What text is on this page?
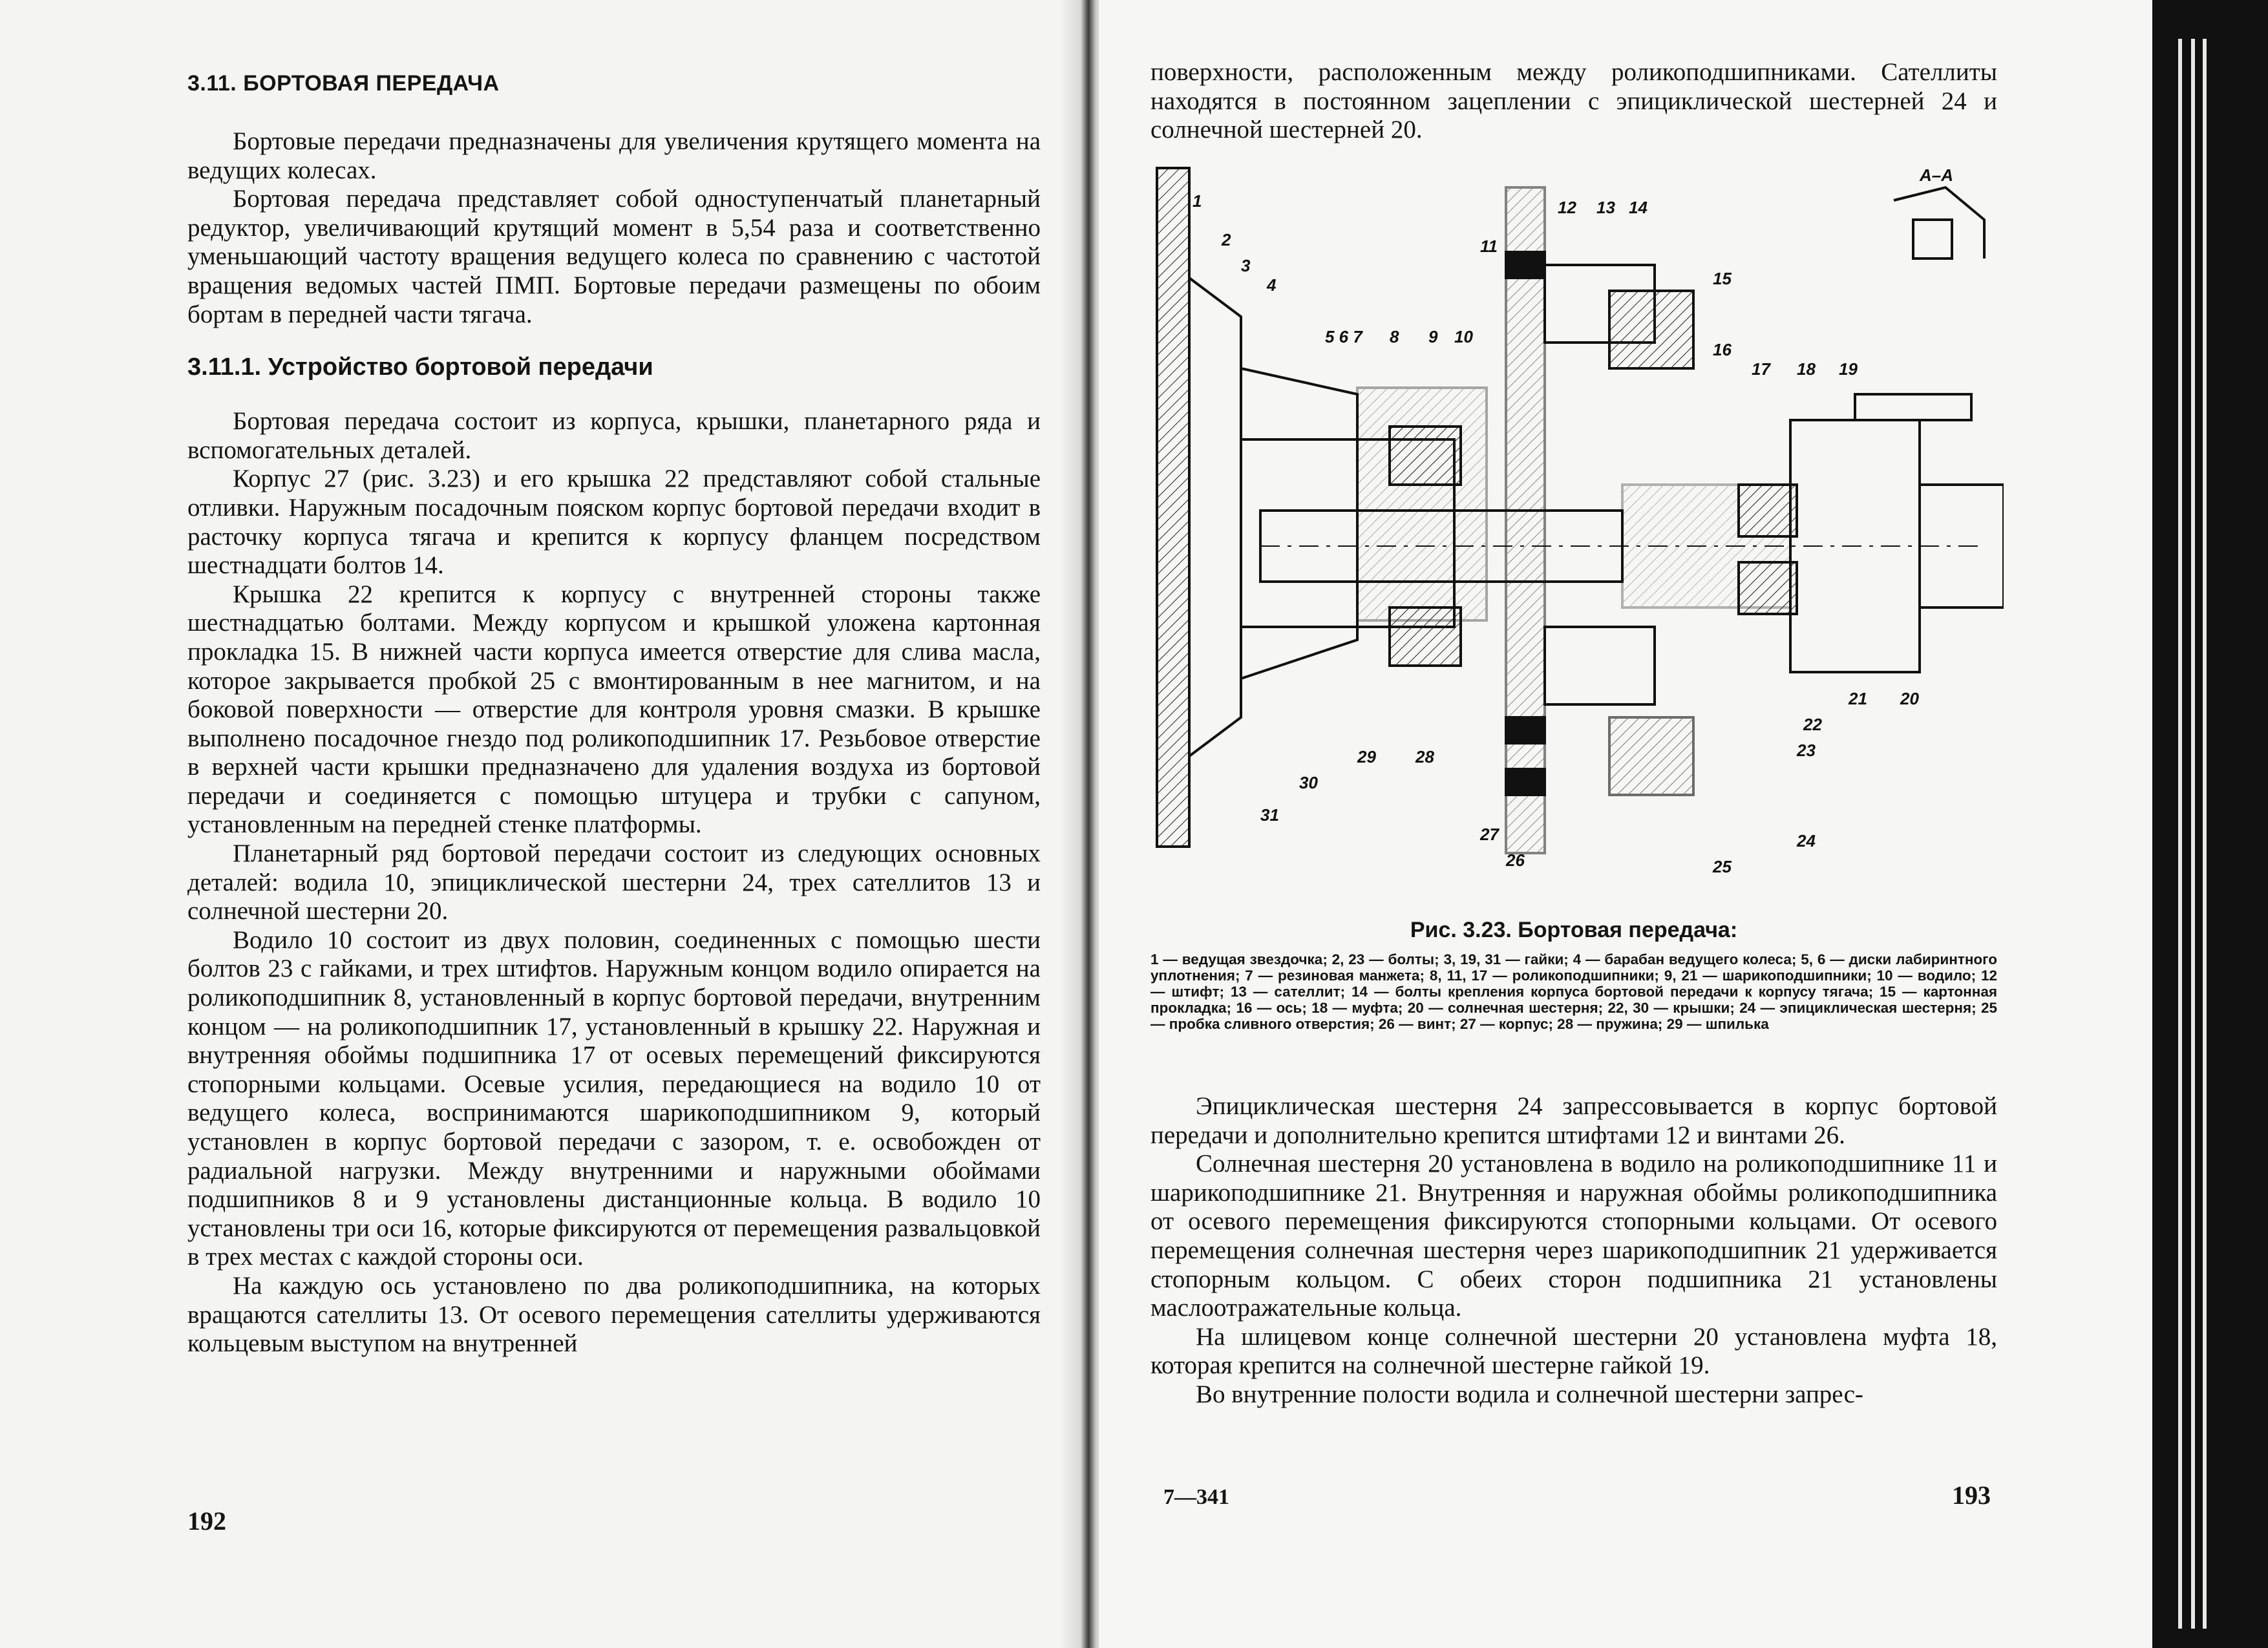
3.11. БОРТОВАЯ ПЕРЕДАЧА

Бортовые передачи предназначены для увеличения крутящего момента на ведущих колесах.

Бортовая передача представляет собой одноступенчатый планетарный редуктор, увеличивающий крутящий момент в 5,54 раза и соответственно уменьшающий частоту вращения ведущего колеса по сравнению с частотой вращения ведомых частей ПМП. Бортовые передачи размещены по обоим бортам в передней части тягача.

3.11.1. Устройство бортовой передачи

Бортовая передача состоит из корпуса, крышки, планетарного ряда и вспомогательных деталей.

Корпус 27 (рис. 3.23) и его крышка 22 представляют собой стальные отливки. Наружным посадочным пояском корпус бортовой передачи входит в расточку корпуса тягача и крепится к корпусу фланцем посредством шестнадцати болтов 14.

Крышка 22 крепится к корпусу с внутренней стороны также шестнадцатью болтами. Между корпусом и крышкой уложена картонная прокладка 15. В нижней части корпуса имеется отверстие для слива масла, которое закрывается пробкой 25 с вмонтированным в нее магнитом, и на боковой поверхности — отверстие для контроля уровня смазки. В крышке выполнено посадочное гнездо под роликоподшипник 17. Резьбовое отверстие в верхней части крышки предназначено для удаления воздуха из бортовой передачи и соединяется с помощью штуцера и трубки с сапуном, установленным на передней стенке платформы.

Планетарный ряд бортовой передачи состоит из следующих основных деталей: водила 10, эпициклической шестерни 24, трех сателлитов 13 и солнечной шестерни 20.

Водило 10 состоит из двух половин, соединенных с помощью шести болтов 23 с гайками, и трех штифтов. Наружным концом водило опирается на роликоподшипник 8, установленный в корпус бортовой передачи, внутренним концом — на роликоподшипник 17, установленный в крышку 22. Наружная и внутренняя обоймы подшипника 17 от осевых перемещений фиксируются стопорными кольцами. Осевые усилия, передающиеся на водило 10 от ведущего колеса, воспринимаются шарикоподшипником 9, который установлен в корпус бортовой передачи с зазором, т. е. освобожден от радиальной нагрузки. Между внутренними и наружными обоймами подшипников 8 и 9 установлены дистанционные кольца. В водило 10 установлены три оси 16, которые фиксируются от перемещения развальцовкой в трех местах с каждой стороны оси.

На каждую ось установлено по два роликоподшипника, на которых вращаются сателлиты 13. От осевого перемещения сателлиты удерживаются кольцевым выступом на внутренней

192

поверхности, расположенным между роликоподшипниками. Сателлиты находятся в постоянном зацеплении с эпициклической шестерней 24 и солнечной шестерней 20.

А–А
1
2
3
4
5 6 7 8 9 10
11
12 13 14
15
16
17 18 19
20
21
22
23
24
25
26
27
28
29
30
31
Рис. 3.23. Бортовая передача:
1 — ведущая звездочка; 2, 23 — болты; 3, 19, 31 — гайки; 4 — барабан ведущего колеса; 5, 6 — диски лабиринтного уплотнения; 7 — резиновая манжета; 8, 11, 17 — роликоподшипники; 9, 21 — шарикоподшипники; 10 — водило; 12 — штифт; 13 — сателлит; 14 — болты крепления корпуса бортовой передачи к корпусу тягача; 15 — картонная прокладка; 16 — ось; 18 — муфта; 20 — солнечная шестерня; 22, 30 — крышки; 24 — эпициклическая шестерня; 25 — пробка сливного отверстия; 26 — винт; 27 — корпус; 28 — пружина; 29 — шпилька

Эпициклическая шестерня 24 запрессовывается в корпус бортовой передачи и дополнительно крепится штифтами 12 и винтами 26.

Солнечная шестерня 20 установлена в водило на роликоподшипнике 11 и шарикоподшипнике 21. Внутренняя и наружная обоймы роликоподшипника от осевого перемещения фиксируются стопорными кольцами. От осевого перемещения солнечная шестерня через шарикоподшипник 21 удерживается стопорным кольцом. С обеих сторон подшипника 21 установлены маслоотражательные кольца.

На шлицевом конце солнечной шестерни 20 установлена муфта 18, которая крепится на солнечной шестерне гайкой 19.

Во внутренние полости водила и солнечной шестерни запрес-

7—341	193
